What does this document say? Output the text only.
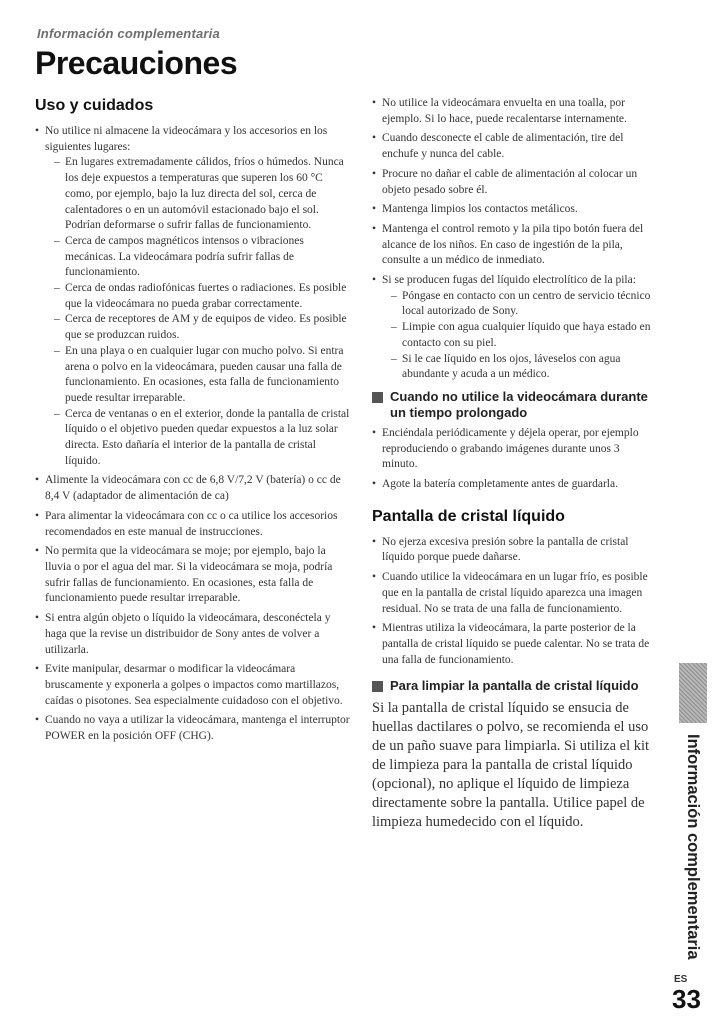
Información complementaria

Precauciones
Uso y cuidados
• No utilice ni almacene la videocámara y los accesorios en los siguientes lugares:
– En lugares extremadamente cálidos, fríos o húmedos. Nunca los deje expuestos a temperaturas que superen los 60 °C como, por ejemplo, bajo la luz directa del sol, cerca de calentadores o en un automóvil estacionado bajo el sol. Podrían deformarse o sufrir fallas de funcionamiento.
– Cerca de campos magnéticos intensos o vibraciones mecánicas. La videocámara podría sufrir fallas de funcionamiento.
– Cerca de ondas radiofónicas fuertes o radiaciones. Es posible que la videocámara no pueda grabar correctamente.
– Cerca de receptores de AM y de equipos de video. Es posible que se produzcan ruidos.
– En una playa o en cualquier lugar con mucho polvo. Si entra arena o polvo en la videocámara, pueden causar una falla de funcionamiento. En ocasiones, esta falla de funcionamiento puede resultar irreparable.
– Cerca de ventanas o en el exterior, donde la pantalla de cristal líquido o el objetivo pueden quedar expuestos a la luz solar directa. Esto dañaría el interior de la pantalla de cristal líquido.
• Alimente la videocámara con cc de 6,8 V/7,2 V (batería) o cc de 8,4 V (adaptador de alimentación de ca)
• Para alimentar la videocámara con cc o ca utilice los accesorios recomendados en este manual de instrucciones.
• No permita que la videocámara se moje; por ejemplo, bajo la lluvia o por el agua del mar. Si la videocámara se moja, podría sufrir fallas de funcionamiento. En ocasiones, esta falla de funcionamiento puede resultar irreparable.
• Si entra algún objeto o líquido la videocámara, desconéctela y haga que la revise un distribuidor de Sony antes de volver a utilizarla.
• Evite manipular, desarmar o modificar la videocámara bruscamente y exponerla a golpes o impactos como martillazos, caídas o pisotones. Sea especialmente cuidadoso con el objetivo.
• Cuando no vaya a utilizar la videocámara, mantenga el interruptor POWER en la posición OFF (CHG).
• No utilice la videocámara envuelta en una toalla, por ejemplo. Si lo hace, puede recalentarse internamente.
• Cuando desconecte el cable de alimentación, tire del enchufe y nunca del cable.
• Procure no dañar el cable de alimentación al colocar un objeto pesado sobre él.
• Mantenga limpios los contactos metálicos.
• Mantenga el control remoto y la pila tipo botón fuera del alcance de los niños. En caso de ingestión de la pila, consulte a un médico de inmediato.
• Si se producen fugas del líquido electrolítico de la pila:
– Póngase en contacto con un centro de servicio técnico local autorizado de Sony.
– Limpie con agua cualquier líquido que haya estado en contacto con su piel.
– Si le cae líquido en los ojos, láveselos con agua abundante y acuda a un médico.
Cuando no utilice la videocámara durante un tiempo prolongado
• Enciéndala periódicamente y déjela operar, por ejemplo reproduciendo o grabando imágenes durante unos 3 minuto.
• Agote la batería completamente antes de guardarla.
Pantalla de cristal líquido
• No ejerza excesiva presión sobre la pantalla de cristal líquido porque puede dañarse.
• Cuando utilice la videocámara en un lugar frío, es posible que en la pantalla de cristal líquido aparezca una imagen residual. No se trata de una falla de funcionamiento.
• Mientras utiliza la videocámara, la parte posterior de la pantalla de cristal líquido se puede calentar. No se trata de una falla de funcionamiento.
Para limpiar la pantalla de cristal líquido

Si la pantalla de cristal líquido se ensucia de huellas dactilares o polvo, se recomienda el uso de un paño suave para limpiarla. Si utiliza el kit de limpieza para la pantalla de cristal líquido (opcional), no aplique el líquido de limpieza directamente sobre la pantalla. Utilice papel de limpieza humedecido con el líquido.	Información complementaria

ES

33
